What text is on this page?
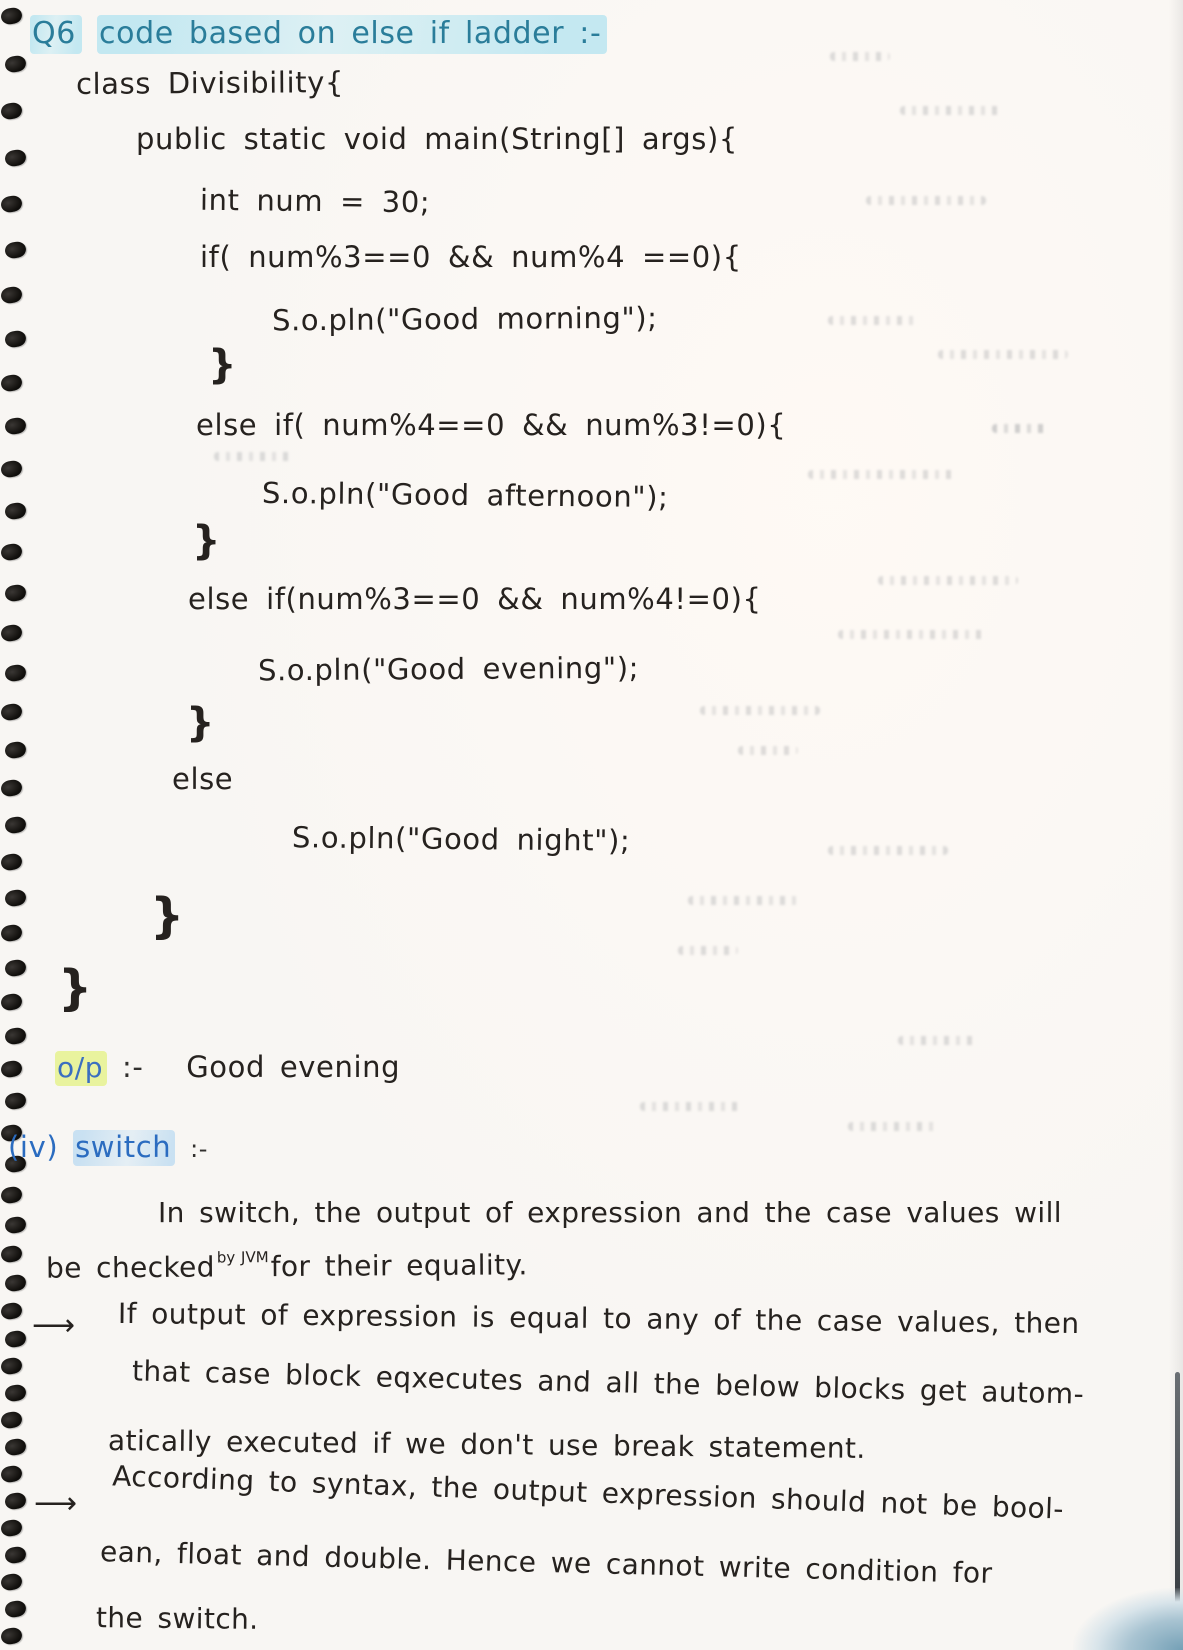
Q6 code based on else if ladder :-
class Divisibility{
public static void main(String[] args){
int num = 30;
if( num%3==0 && num%4 ==0){
S.o.pln("Good morning");
}
else if( num%4==0 && num%3!=0){
S.o.pln("Good afternoon");
}
else if(num%3==0 && num%4!=0){
S.o.pln("Good evening");
}
else
S.o.pln("Good night");
}
}
o/p :- Good evening
(iv) switch :-
In switch, the output of expression and the case values will
be checked $^{by JVM}$for their equality.
⟶ If output of expression is equal to any of the case values, then
that case block eqxecutes and all the below blocks get autom-
atically executed if we don't use break statement.
⟶ According to syntax, the output expression should not be bool-
ean, float and double. Hence we cannot write condition for
the switch.
